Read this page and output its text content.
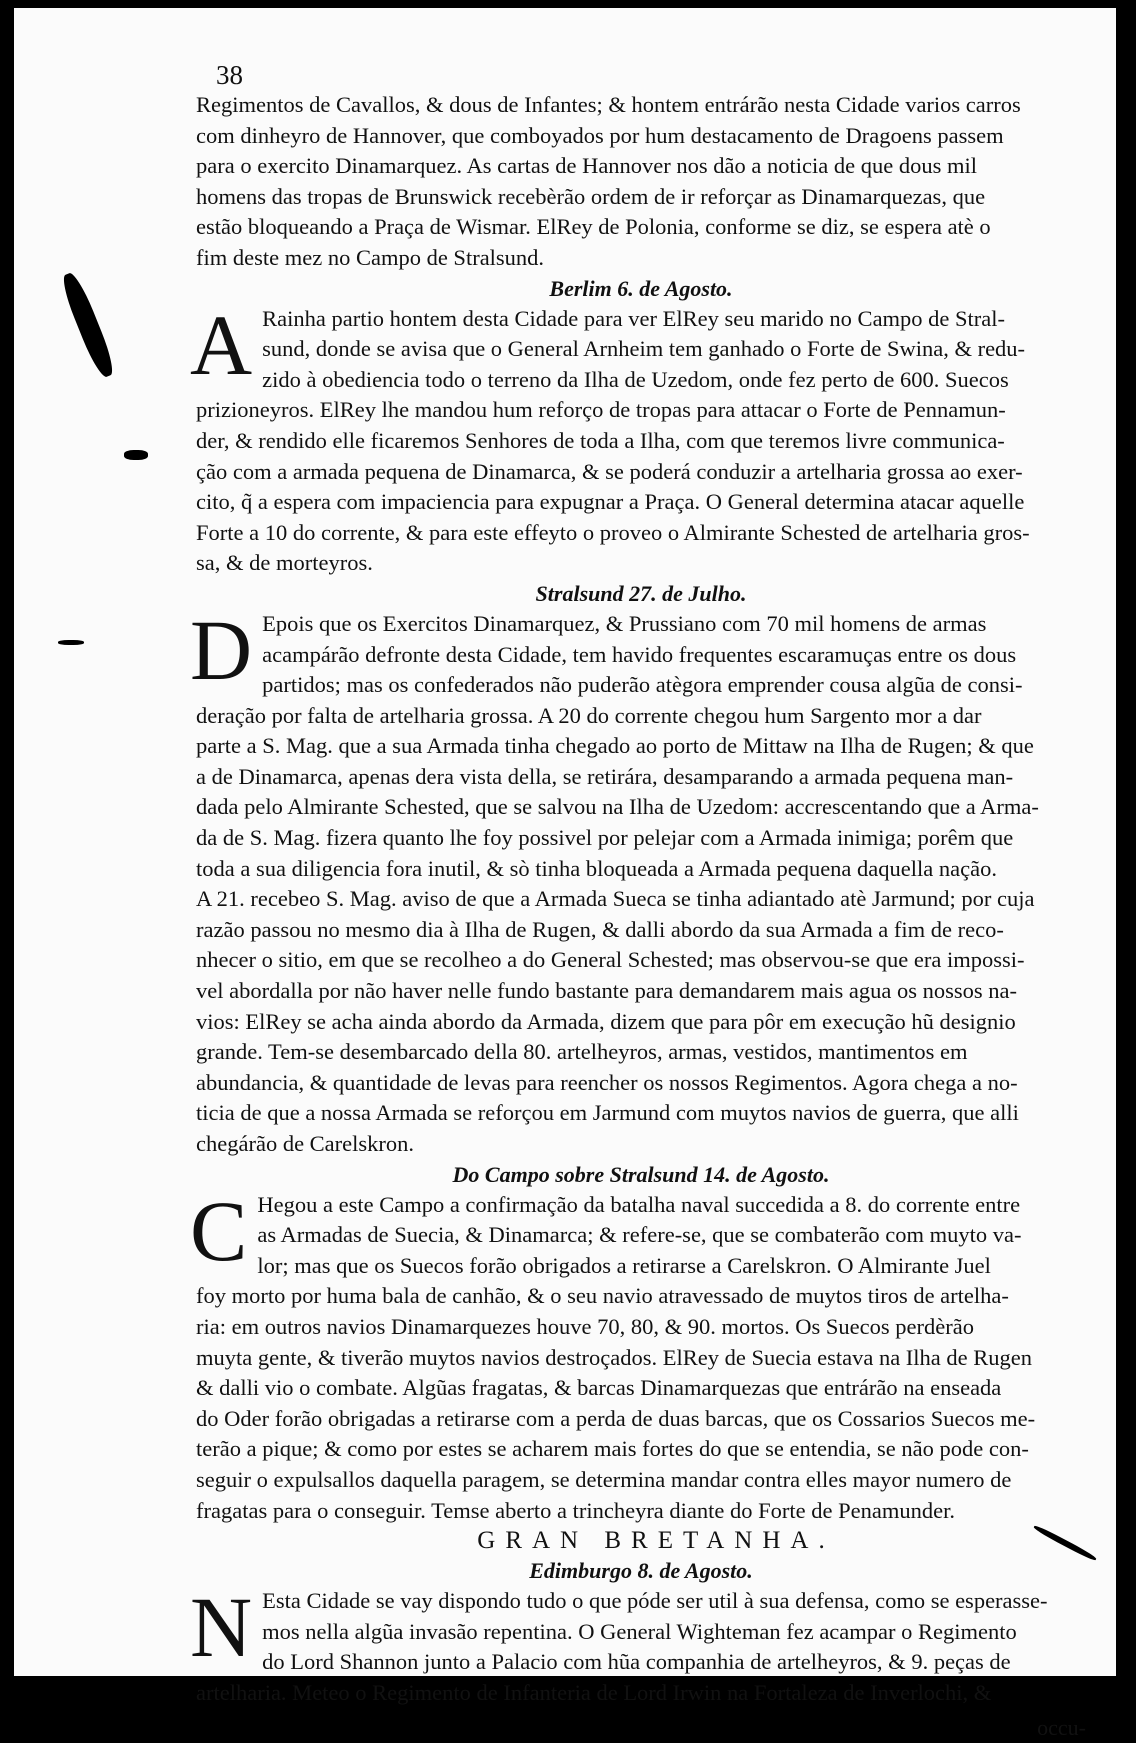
38
Regimentos de Cavallos, & dous de Infantes; & hontem entrárão nesta Cidade varios carros
com dinheyro de Hannover, que comboyados por hum destacamento de Dragoens passem
para o exercito Dinamarquez. As cartas de Hannover nos dão a noticia de que dous mil
homens das tropas de Brunswick recebèrão ordem de ir reforçar as Dinamarquezas, que
estão bloqueando a Praça de Wismar. ElRey de Polonia, conforme se diz, se espera atè o
fim deste mez no Campo de Stralsund.
Berlim 6. de Agosto.
A Rainha partio hontem desta Cidade para ver ElRey seu marido no Campo de Stral-
sund, donde se avisa que o General Arnheim tem ganhado o Forte de Swina, & redu-
zido à obediencia todo o terreno da Ilha de Uzedom, onde fez perto de 600. Suecos
prizioneyros. ElRey lhe mandou hum reforço de tropas para attacar o Forte de Pennamun-
der, & rendido elle ficaremos Senhores de toda a Ilha, com que teremos livre communica-
ção com a armada pequena de Dinamarca, & se poderá conduzir a artelharia grossa ao exer-
cito, q̃ a espera com impaciencia para expugnar a Praça. O General determina atacar aquelle
Forte a 10 do corrente, & para este effeyto o proveo o Almirante Schested de artelharia gros-
sa, & de morteyros.
Stralsund 27. de Julho.
D Epois que os Exercitos Dinamarquez, & Prussiano com 70 mil homens de armas
acampárão defronte desta Cidade, tem havido frequentes escaramuças entre os dous
partidos; mas os confederados não puderão atègora emprender cousa algũa de consi-
deração por falta de artelharia grossa. A 20 do corrente chegou hum Sargento mor a dar
parte a S. Mag. que a sua Armada tinha chegado ao porto de Mittaw na Ilha de Rugen; & que
a de Dinamarca, apenas dera vista della, se retirára, desamparando a armada pequena man-
dada pelo Almirante Schested, que se salvou na Ilha de Uzedom: accrescentando que a Arma-
da de S. Mag. fizera quanto lhe foy possivel por pelejar com a Armada inimiga; porêm que
toda a sua diligencia fora inutil, & sò tinha bloqueada a Armada pequena daquella nação.
A 21. recebeo S. Mag. aviso de que a Armada Sueca se tinha adiantado atè Jarmund; por cuja
razão passou no mesmo dia à Ilha de Rugen, & dalli abordo da sua Armada a fim de reco-
nhecer o sitio, em que se recolheo a do General Schested; mas observou-se que era impossi-
vel abordalla por não haver nelle fundo bastante para demandarem mais agua os nossos na-
vios: ElRey se acha ainda abordo da Armada, dizem que para pôr em execução hũ designio
grande. Tem-se desembarcado della 80. artelheyros, armas, vestidos, mantimentos em
abundancia, & quantidade de levas para reencher os nossos Regimentos. Agora chega a no-
ticia de que a nossa Armada se reforçou em Jarmund com muytos navios de guerra, que alli
chegárão de Carelskron.
Do Campo sobre Stralsund 14. de Agosto.
C Hegou a este Campo a confirmação da batalha naval succedida a 8. do corrente entre
as Armadas de Suecia, & Dinamarca; & refere-se, que se combaterão com muyto va-
lor; mas que os Suecos forão obrigados a retirarse a Carelskron. O Almirante Juel
foy morto por huma bala de canhão, & o seu navio atravessado de muytos tiros de artelha-
ria: em outros navios Dinamarquezes houve 70, 80, & 90. mortos. Os Suecos perdèrão
muyta gente, & tiverão muytos navios destroçados. ElRey de Suecia estava na Ilha de Rugen
& dalli vio o combate. Algũas fragatas, & barcas Dinamarquezas que entrárão na enseada
do Oder forão obrigadas a retirarse com a perda de duas barcas, que os Cossarios Suecos me-
terão a pique; & como por estes se acharem mais fortes do que se entendia, se não pode con-
seguir o expulsallos daquella paragem, se determina mandar contra elles mayor numero de
fragatas para o conseguir. Temse aberto a trincheyra diante do Forte de Penamunder.
GRAN BRETANHA.
Edimburgo 8. de Agosto.
N Esta Cidade se vay dispondo tudo o que póde ser util à sua defensa, como se esperasse-
mos nella algũa invasão repentina. O General Wighteman fez acampar o Regimento
do Lord Shannon junto a Palacio com hũa companhia de artelheyros, & 9. peças de
artelharia. Meteo o Regimento de Infanteria de Lord Irwin na Fortaleza de Inverlochi, &
occu-
